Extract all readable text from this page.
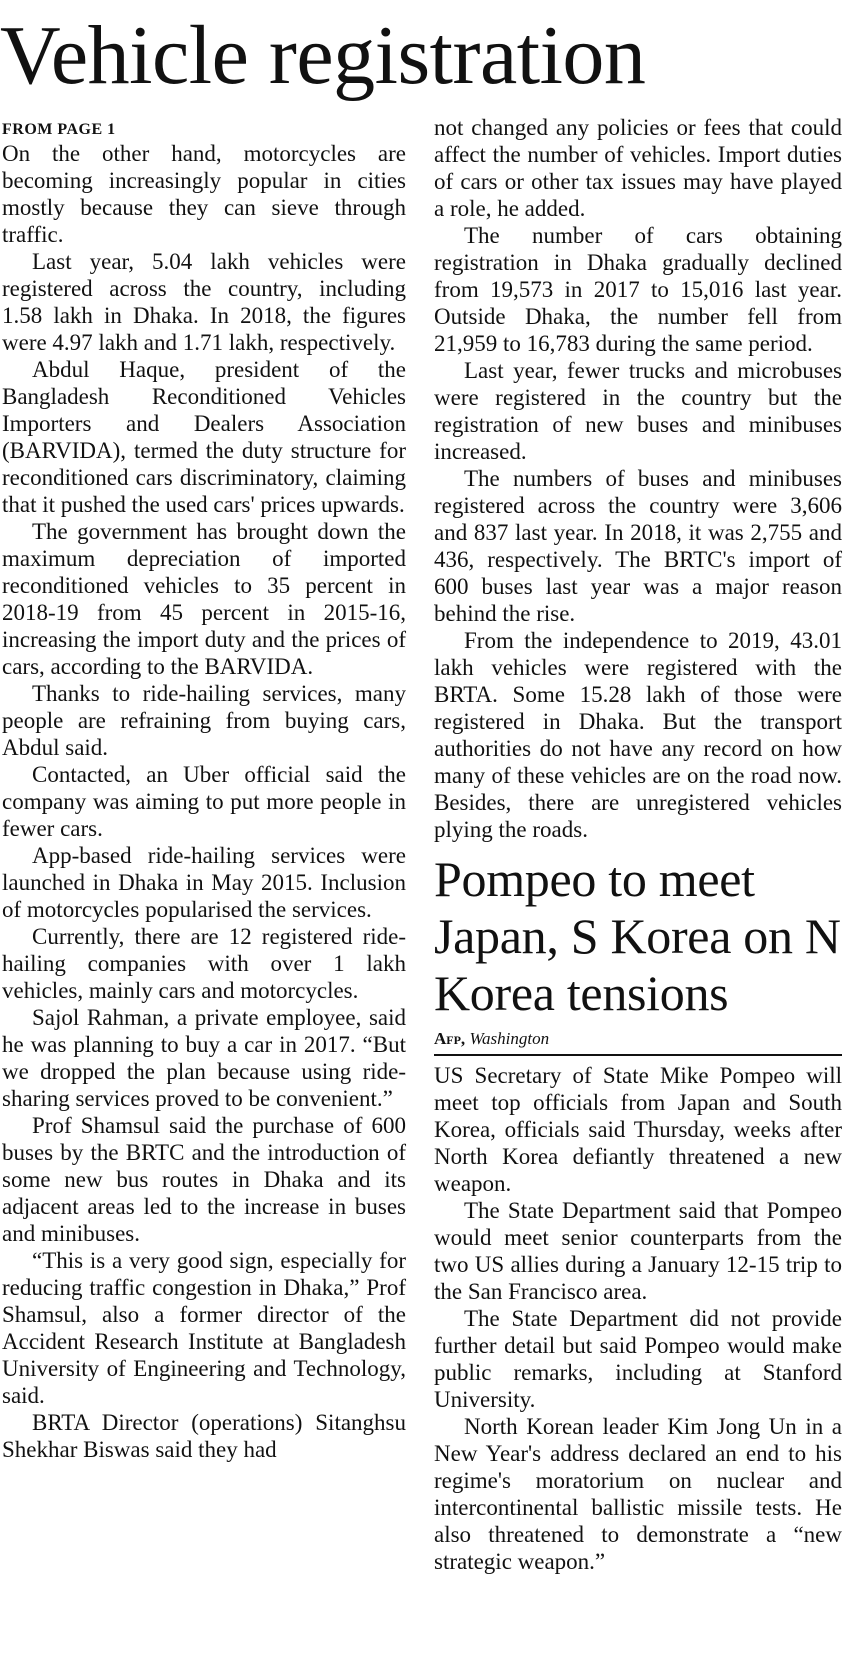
Vehicle registration

FROM PAGE 1

On the other hand, motorcycles are becoming increasingly popular in cities mostly because they can sieve through traffic.

Last year, 5.04 lakh vehicles were registered across the country, including 1.58 lakh in Dhaka. In 2018, the figures were 4.97 lakh and 1.71 lakh, respectively.

Abdul Haque, president of the Bangladesh Reconditioned Vehicles Importers and Dealers Association (BARVIDA), termed the duty structure for reconditioned cars discriminatory, claiming that it pushed the used cars' prices upwards.

The government has brought down the maximum depreciation of imported reconditioned vehicles to 35 percent in 2018-19 from 45 percent in 2015-16, increasing the import duty and the prices of cars, according to the BARVIDA.

Thanks to ride-hailing services, many people are refraining from buying cars, Abdul said.

Contacted, an Uber official said the company was aiming to put more people in fewer cars.

App-based ride-hailing services were launched in Dhaka in May 2015. Inclusion of motorcycles popularised the services.

Currently, there are 12 registered ride-hailing companies with over 1 lakh vehicles, mainly cars and motorcycles.

Sajol Rahman, a private employee, said he was planning to buy a car in 2017. “But we dropped the plan because using ride-sharing services proved to be convenient.”

Prof Shamsul said the purchase of 600 buses by the BRTC and the introduction of some new bus routes in Dhaka and its adjacent areas led to the increase in buses and minibuses.

“This is a very good sign, especially for reducing traffic congestion in Dhaka,” Prof Shamsul, also a former director of the Accident Research Institute at Bangladesh University of Engineering and Technology, said.

BRTA Director (operations) Sitanghsu Shekhar Biswas said they had

not changed any policies or fees that could affect the number of vehicles. Import duties of cars or other tax issues may have played a role, he added.

The number of cars obtaining registration in Dhaka gradually declined from 19,573 in 2017 to 15,016 last year. Outside Dhaka, the number fell from 21,959 to 16,783 during the same period.

Last year, fewer trucks and microbuses were registered in the country but the registration of new buses and minibuses increased.

The numbers of buses and minibuses registered across the country were 3,606 and 837 last year. In 2018, it was 2,755 and 436, respectively. The BRTC's import of 600 buses last year was a major reason behind the rise.

From the independence to 2019, 43.01 lakh vehicles were registered with the BRTA. Some 15.28 lakh of those were registered in Dhaka. But the transport authorities do not have any record on how many of these vehicles are on the road now. Besides, there are unregistered vehicles plying the roads.

Pompeo to meet Japan, S Korea on N Korea tensions
Afp, Washington

US Secretary of State Mike Pompeo will meet top officials from Japan and South Korea, officials said Thursday, weeks after North Korea defiantly threatened a new weapon.

The State Department said that Pompeo would meet senior counterparts from the two US allies during a January 12-15 trip to the San Francisco area.

The State Department did not provide further detail but said Pompeo would make public remarks, including at Stanford University.

North Korean leader Kim Jong Un in a New Year's address declared an end to his regime's moratorium on nuclear and intercontinental ballistic missile tests. He also threatened to demonstrate a “new strategic weapon.”
